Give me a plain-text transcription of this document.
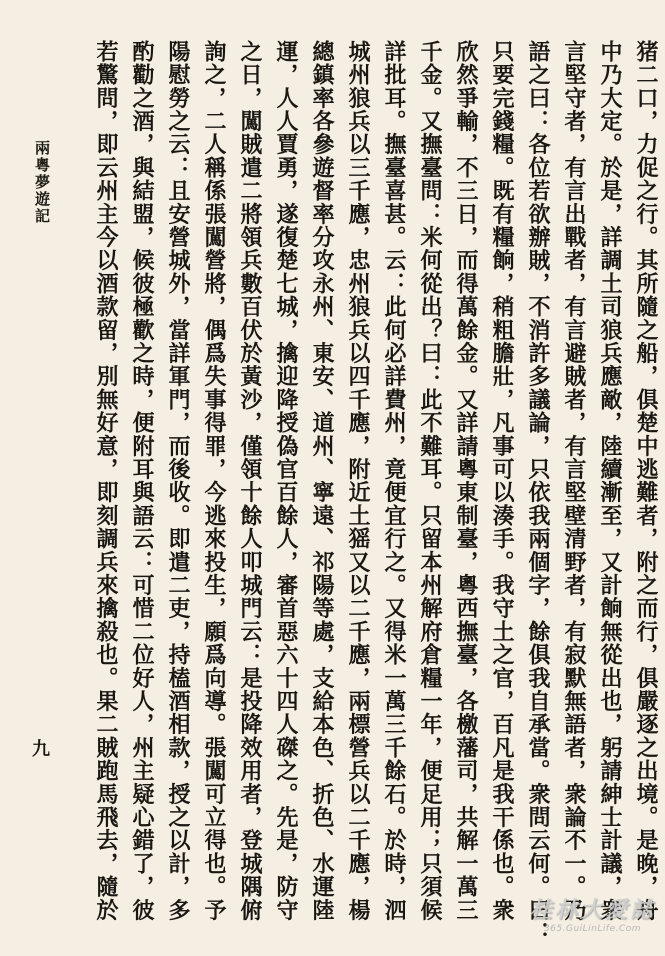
兩粵夢遊記
九	猪二口，力促之行。其所隨之船，俱楚中逃難者，附之而行，俱嚴逐之出境。是晚，舟
中乃大定。於是，詳調土司狼兵應敵，陸續漸至，又計餉無從出也，躬請紳士計議，衆
言堅守者，有言出戰者，有言避賊者，有言堅壁清野者，有寂默無語者，衆論不一。乃
語之曰：各位若欲辦賊，不消許多議論，只依我兩個字，餘俱我自承當。衆問云何。曰：
只要完錢糧。既有糧餉，稍粗膽壯，凡事可以湊手。我守土之官，百凡是我干係也。衆
欣然爭輸，不三日，而得萬餘金。又詳請粵東制臺，粵西撫臺，各檄藩司，共解一萬三
千金。又撫臺問：米何從出？曰：此不難耳。只留本州解府倉糧一年，便足用；只須候
詳批耳。撫臺喜甚。云：此何必詳費州，竟便宜行之。又得米一萬三千餘石。於時，泗
城州狼兵以三千應，忠州狼兵以四千應，附近土猺又以二千應，兩標營兵以二千應，楊
總鎮率各參遊督率分攻永州、東安、道州、寧遠、祁陽等處，支給本色、折色、水運陸
運，人人賈勇，遂復楚七城，擒迎降授偽官百餘人，審首惡六十四人磔之。先是，防守
之日，闖賊遣二將領兵數百伏於黃沙，僅領十餘人叩城門云：是投降效用者，登城隅俯
詢之，二人稱係張闖營將，偶爲失事得罪，今逃來投生，願爲向導。張闖可立得也。予
陽慰勞之云：且安營城外，當詳軍門，而後收。即遣二吏，持榼酒相款，授之以計，多
酌勸之酒，與結盟，候彼極歡之時，便附耳與語云：可惜二位好人，州主疑心錯了，彼
若驚問，即云州主今以酒款留，別無好意，即刻調兵來擒殺也。果二賊跑馬飛去，隨於	桂林大愛誌
365.GuiLinLife.Com
